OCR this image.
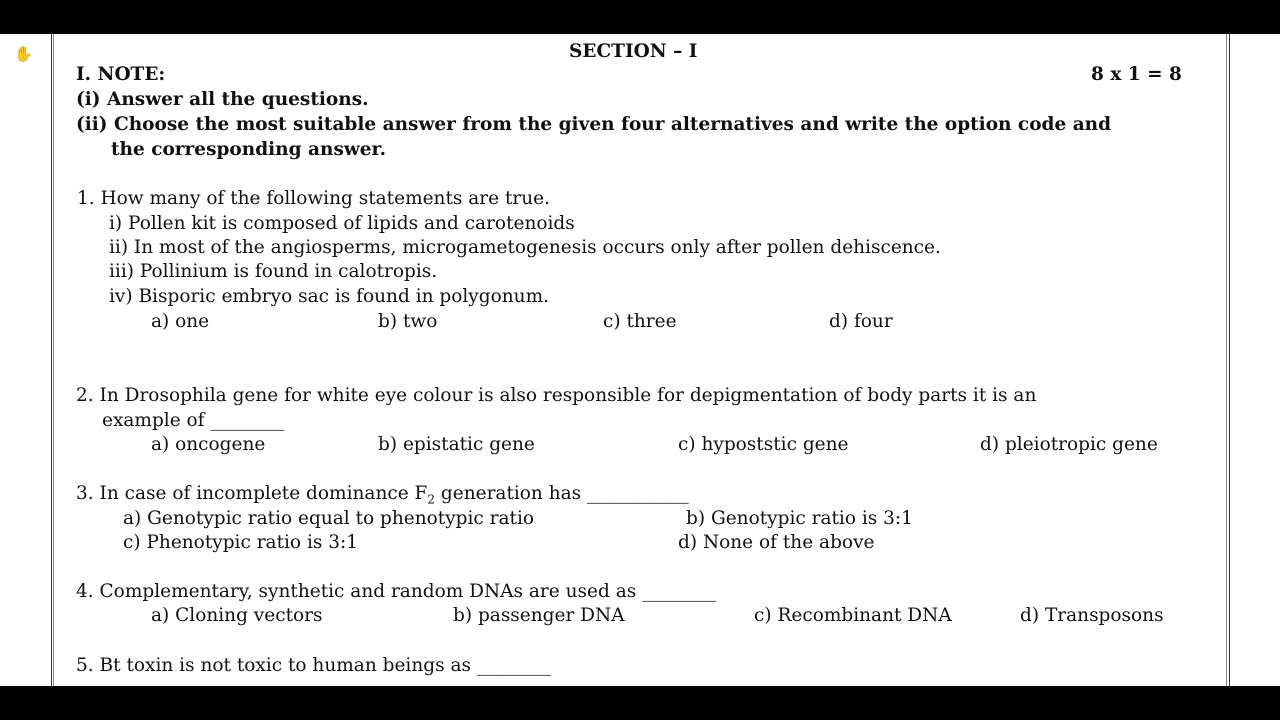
✋	SECTION – I
I. NOTE:	8 x 1 = 8
(i) Answer all the questions.
(ii) Choose the most suitable answer from the given four alternatives and write the option code and
the corresponding answer.
1. How many of the following statements are true.
i) Pollen kit is composed of lipids and carotenoids
ii) In most of the angiosperms, microgametogenesis occurs only after pollen dehiscence.
iii) Pollinium is found in calotropis.
iv) Bisporic embryo sac is found in polygonum.
a) one	b) two	c) three	d) four
2. In Drosophila gene for white eye colour is also responsible for depigmentation of body parts it is an
example of ________
a) oncogene	b) epistatic gene	c) hypoststic gene	d) pleiotropic gene
3. In case of incomplete dominance $F_2$ generation has ___________
a) Genotypic ratio equal to phenotypic ratio	b) Genotypic ratio is 3:1
c) Phenotypic ratio is 3:1	d) None of the above
4. Complementary, synthetic and random DNAs are used as ________
a) Cloning vectors	b) passenger DNA	c) Recombinant DNA	d) Transposons
5. Bt toxin is not toxic to human beings as ________
